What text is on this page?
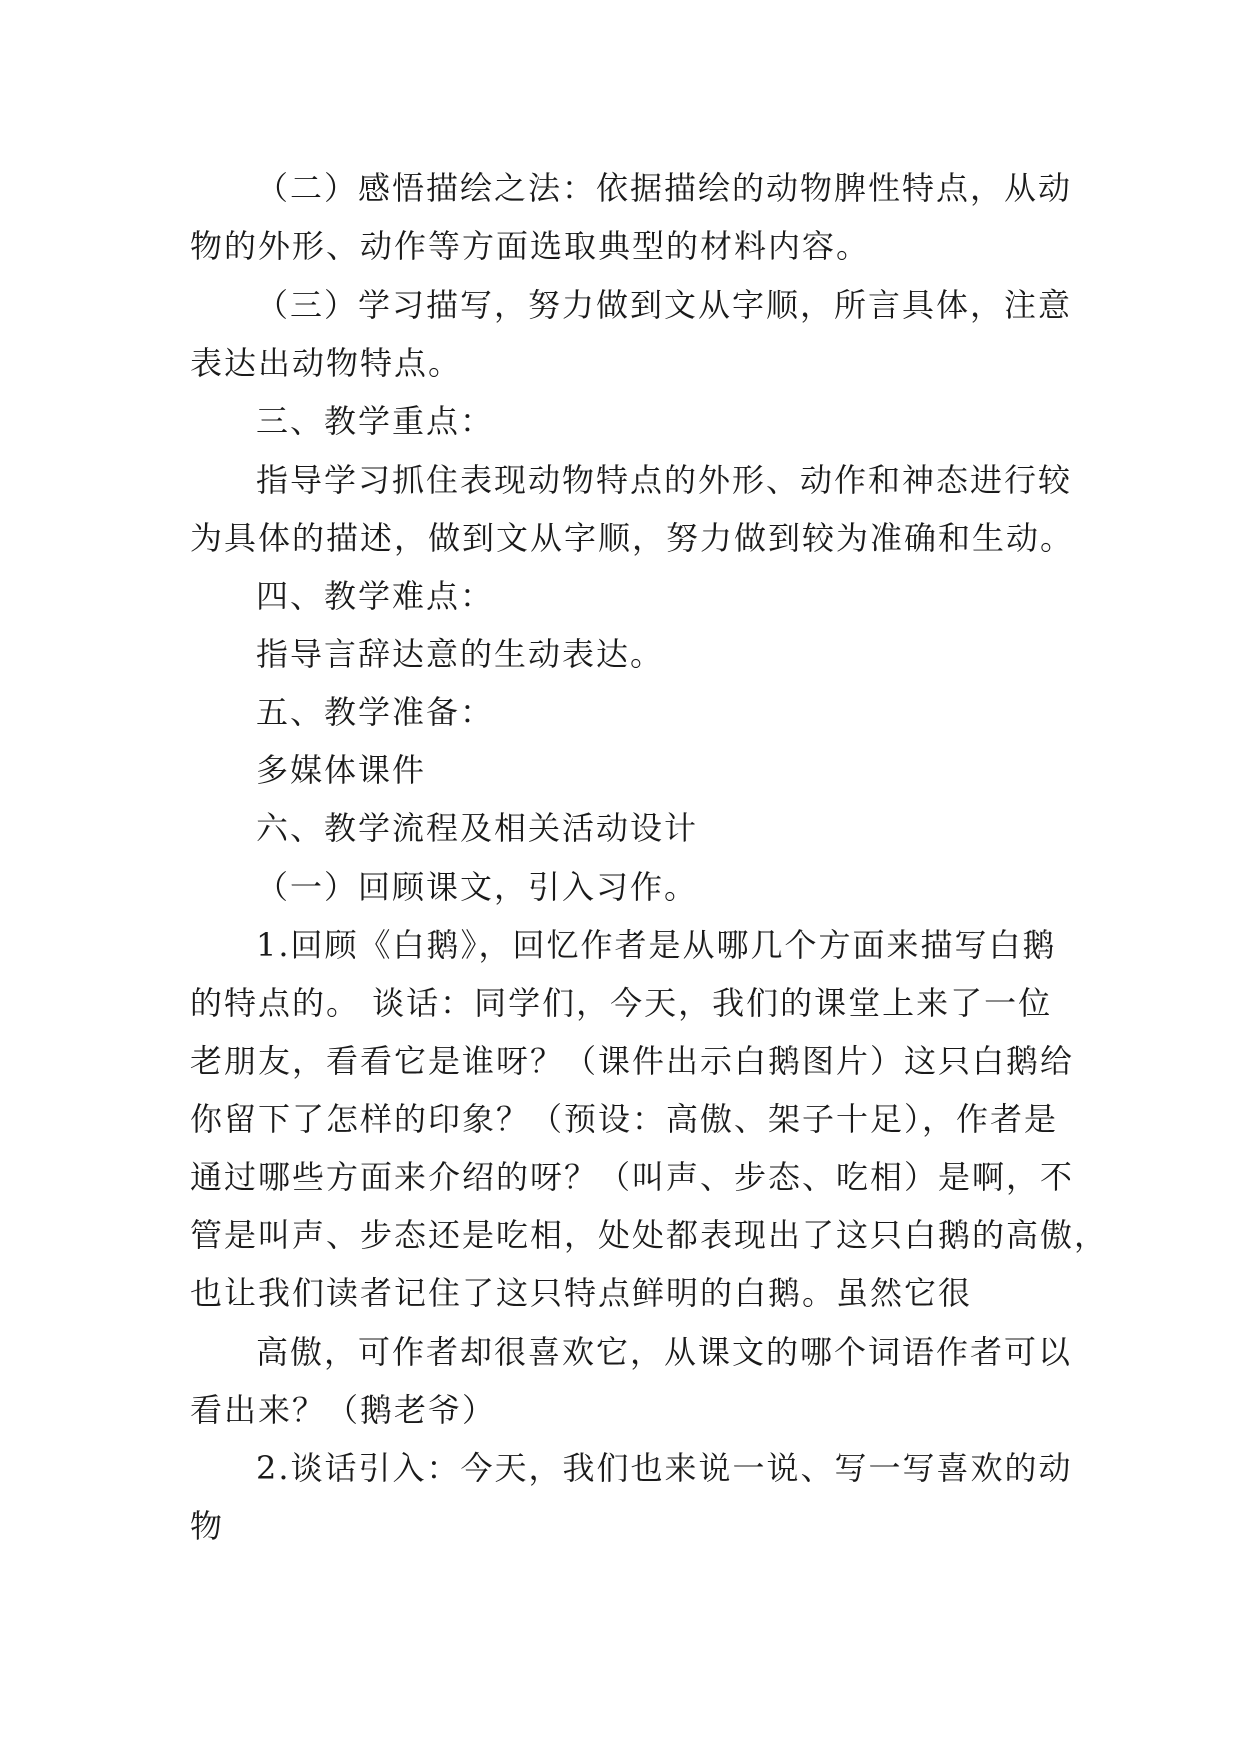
（二）感悟描绘之法：依据描绘的动物脾性特点，从动
物的外形、动作等方面选取典型的材料内容。
（三）学习描写，努力做到文从字顺，所言具体，注意
表达出动物特点。
三、教学重点：
指导学习抓住表现动物特点的外形、动作和神态进行较
为具体的描述，做到文从字顺，努力做到较为准确和生动。
四、教学难点：
指导言辞达意的生动表达。
五、教学准备：
多媒体课件
六、教学流程及相关活动设计
（一）回顾课文，引入习作。
1.回顾《白鹅》，回忆作者是从哪几个方面来描写白鹅
的特点的。 谈话：同学们，今天，我们的课堂上来了一位
老朋友，看看它是谁呀？（课件出示白鹅图片）这只白鹅给
你留下了怎样的印象？（预设：高傲、架子十足），作者是
通过哪些方面来介绍的呀？（叫声、步态、吃相）是啊，不
管是叫声、步态还是吃相，处处都表现出了这只白鹅的高傲，
也让我们读者记住了这只特点鲜明的白鹅。虽然它很
高傲，可作者却很喜欢它，从课文的哪个词语作者可以
看出来？（鹅老爷）
2.谈话引入：今天，我们也来说一说、写一写喜欢的动
物
